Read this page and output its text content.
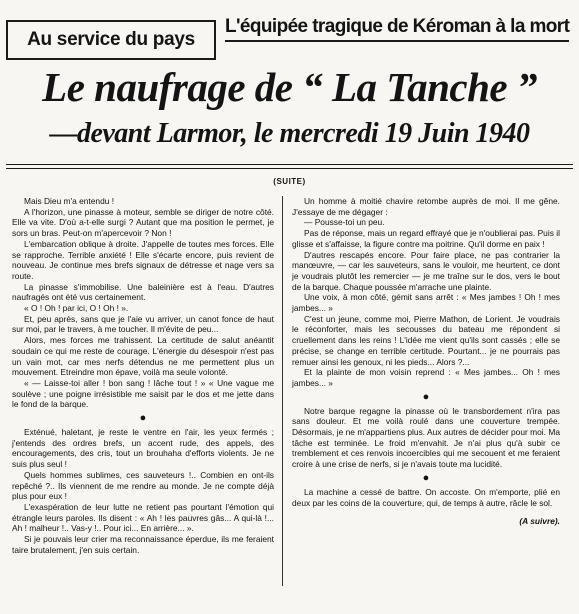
Au service du pays
L'équipée tragique de Kéroman à la mort
Le naufrage de “ La Tanche ”
—devant Larmor, le mercredi 19 Juin 1940
(SUITE)

Mais Dieu m'a entendu !

A l'horizon, une pinasse à moteur, semble se diriger de notre côté. Elle va vite. D'où a-t-elle surgi ? Autant que ma position le permet, je sors un bras. Peut-on m'apercevoir ? Non !

L'embarcation oblique à droite. J'appelle de toutes mes forces. Elle se rapproche. Terrible anxiété ! Elle s'écarte encore, puis revient de nouveau. Je continue mes brefs signaux de détresse et nage vers sa route.

La pinasse s'immobilise. Une baleinière est à l'eau. D'autres naufragés ont été vus certainement.

« O ! Oh ! par ici, O ! Oh ! ».

Et, peu après, sans que je l'aie vu arriver, un canot fonce de haut sur moi, par le travers, à me toucher. Il m'évite de peu...

Alors, mes forces me trahissent. La certitude de salut anéantit soudain ce qui me reste de courage. L'énergie du désespoir n'est pas un vain mot, car mes nerfs détendus ne me permettent plus un mouvement. Etreindre mon épave, voilà ma seule volonté.

« — Laisse-toi aller ! bon sang ! lâche tout ! » « Une vague me soulève ; une poigne irrésistible me saisit par le dos et me jette dans le fond de la barque.

●

Exténué, haletant, je reste le ventre en l'air, les yeux fermés ; j'entends des ordres brefs, un accent rude, des appels, des encouragements, des cris, tout un brouhaha d'efforts violents. Je ne suis plus seul !

Quels hommes sublimes, ces sauveteurs !.. Combien en ont-ils repêché ?.. Ils viennent de me rendre au monde. Je ne compte déjà plus pour eux !

L'exaspération de leur lutte ne retient pas pourtant l'émotion qui étrangle leurs paroles. Ils disent : « Ah ! les pauvres gâs... A qui-là !... Ah ! malheur !.. Vas-y !.. Pour ici... En arrière... ».

Si je pouvais leur crier ma reconnaissance éperdue, ils me feraient taire brutalement, j'en suis certain.

Un homme à moitié chavire retombe auprès de moi. Il me gêne. J'essaye de me dégager :

— Pousse-toi un peu.

Pas de réponse, mais un regard effrayé que je n'oublierai pas. Puis il glisse et s'affaisse, la figure contre ma poitrine. Qu'il dorme en paix !

D'autres rescapés encore. Pour faire place, ne pas contrarier la manœuvre, — car les sauveteurs, sans le vouloir, me heurtent, ce dont je voudrais plutôt les remercier — je me traîne sur le dos, vers le bout de la barque. Chaque poussée m'arrache une plainte.

Une voix, à mon côté, gémit sans arrêt : « Mes jambes ! Oh ! mes jambes... »

C'est un jeune, comme moi, Pierre Mathon, de Lorient. Je voudrais le réconforter, mais les secousses du bateau me répondent si cruellement dans les reins ! L'idée me vient qu'ils sont cassés ; elle se précise, se change en terrible certitude. Pourtant... je ne pourrais pas remuer ainsi les genoux, ni les pieds... Alors ?...

Et la plainte de mon voisin reprend : « Mes jambes... Oh ! mes jambes... »

●

Notre barque regagne la pinasse où le transbordement n'ira pas sans douleur. Et me voilà roulé dans une couverture trempée. Désormais, je ne m'appartiens plus. Aux autres de décider pour moi. Ma tâche est terminée. Le froid m'envahit. Je n'ai plus qu'à subir ce tremblement et ces renvois incoercibles qui me secouent et me feraient croire à une crise de nerfs, si je n'avais toute ma lucidité.

●

La machine a cessé de battre. On accoste. On m'emporte, plié en deux par les coins de la couverture, qui, de temps à autre, râcle le sol.

(A suivre).
